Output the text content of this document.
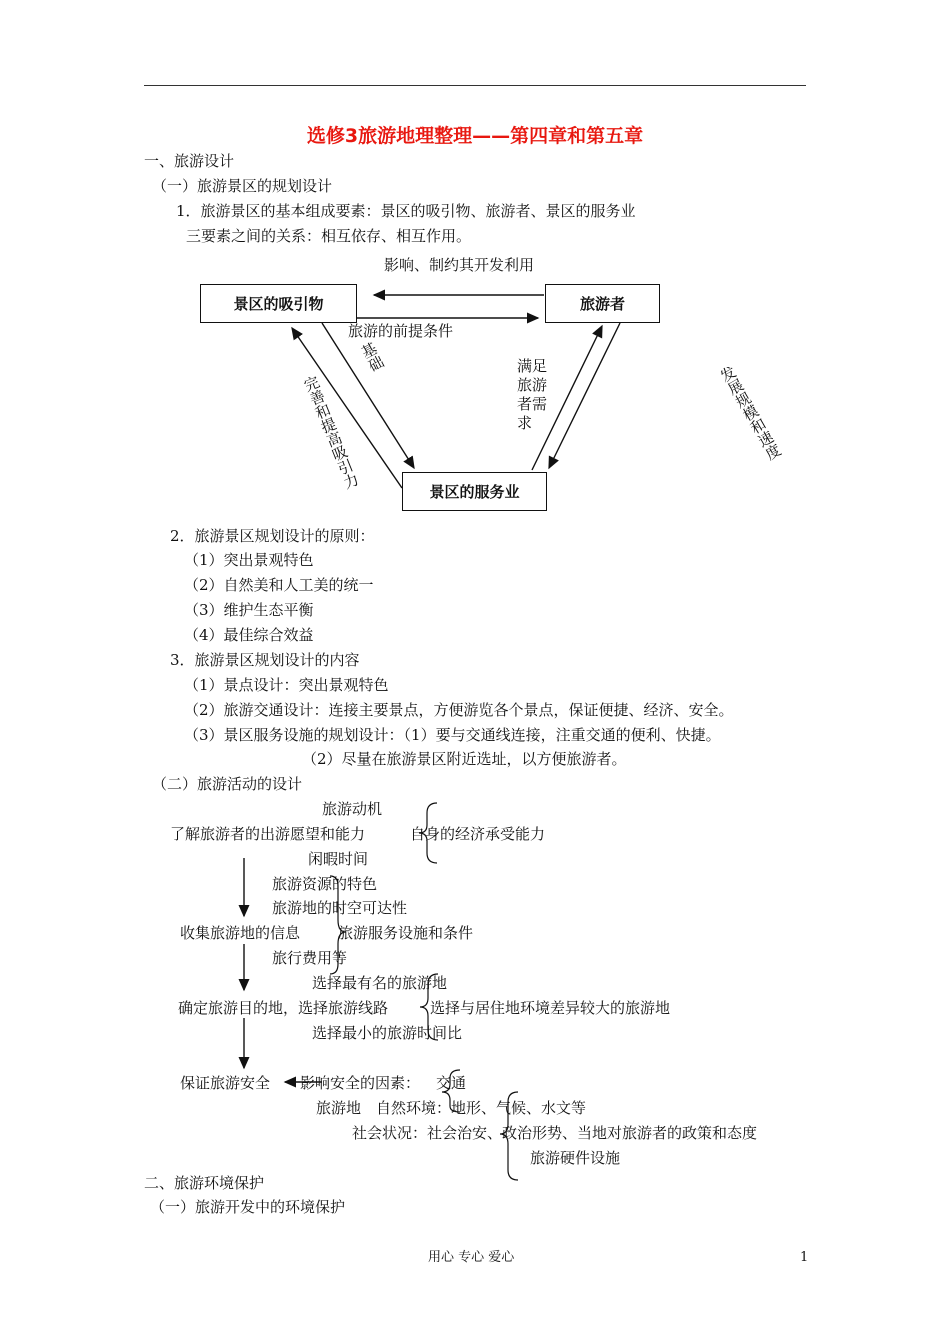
选修3旅游地理整理——第四章和第五章
一、旅游设计
（一）旅游景区的规划设计
1．旅游景区的基本组成要素：景区的吸引物、旅游者、景区的服务业
三要素之间的关系：相互依存、相互作用。
影响、制约其开发利用
景区的吸引物	旅游者
景区的服务业
旅游的前提条件
基础
完善和提高吸引力
满足旅游者需求	发展规模和速度
2．旅游景区规划设计的原则：
（1）突出景观特色
（2）自然美和人工美的统一
（3）维护生态平衡
（4）最佳综合效益
3．旅游景区规划设计的内容
（1）景点设计：突出景观特色
（2）旅游交通设计：连接主要景点，方便游览各个景点，保证便捷、经济、安全。
（3）景区服务设施的规划设计：（1）要与交通线连接，注重交通的便利、快捷。
（2）尽量在旅游景区附近选址，以方便旅游者。
（二）旅游活动的设计
旅游动机
了解旅游者的出游愿望和能力	自身的经济承受能力
闲暇时间
旅游资源的特色
旅游地的时空可达性
收集旅游地的信息	旅游服务设施和条件
旅行费用等
选择最有名的旅游地
确定旅游目的地，选择旅游线路	选择与居住地环境差异较大的旅游地
选择最小的旅游时间比
保证旅游安全 影响安全的因素： 交通
旅游地 自然环境：地形、气候、水文等
社会状况：社会治安、政治形势、当地对旅游者的政策和态度
旅游硬件设施
二、旅游环境保护
（一）旅游开发中的环境保护
用心 专心 爱心	1
